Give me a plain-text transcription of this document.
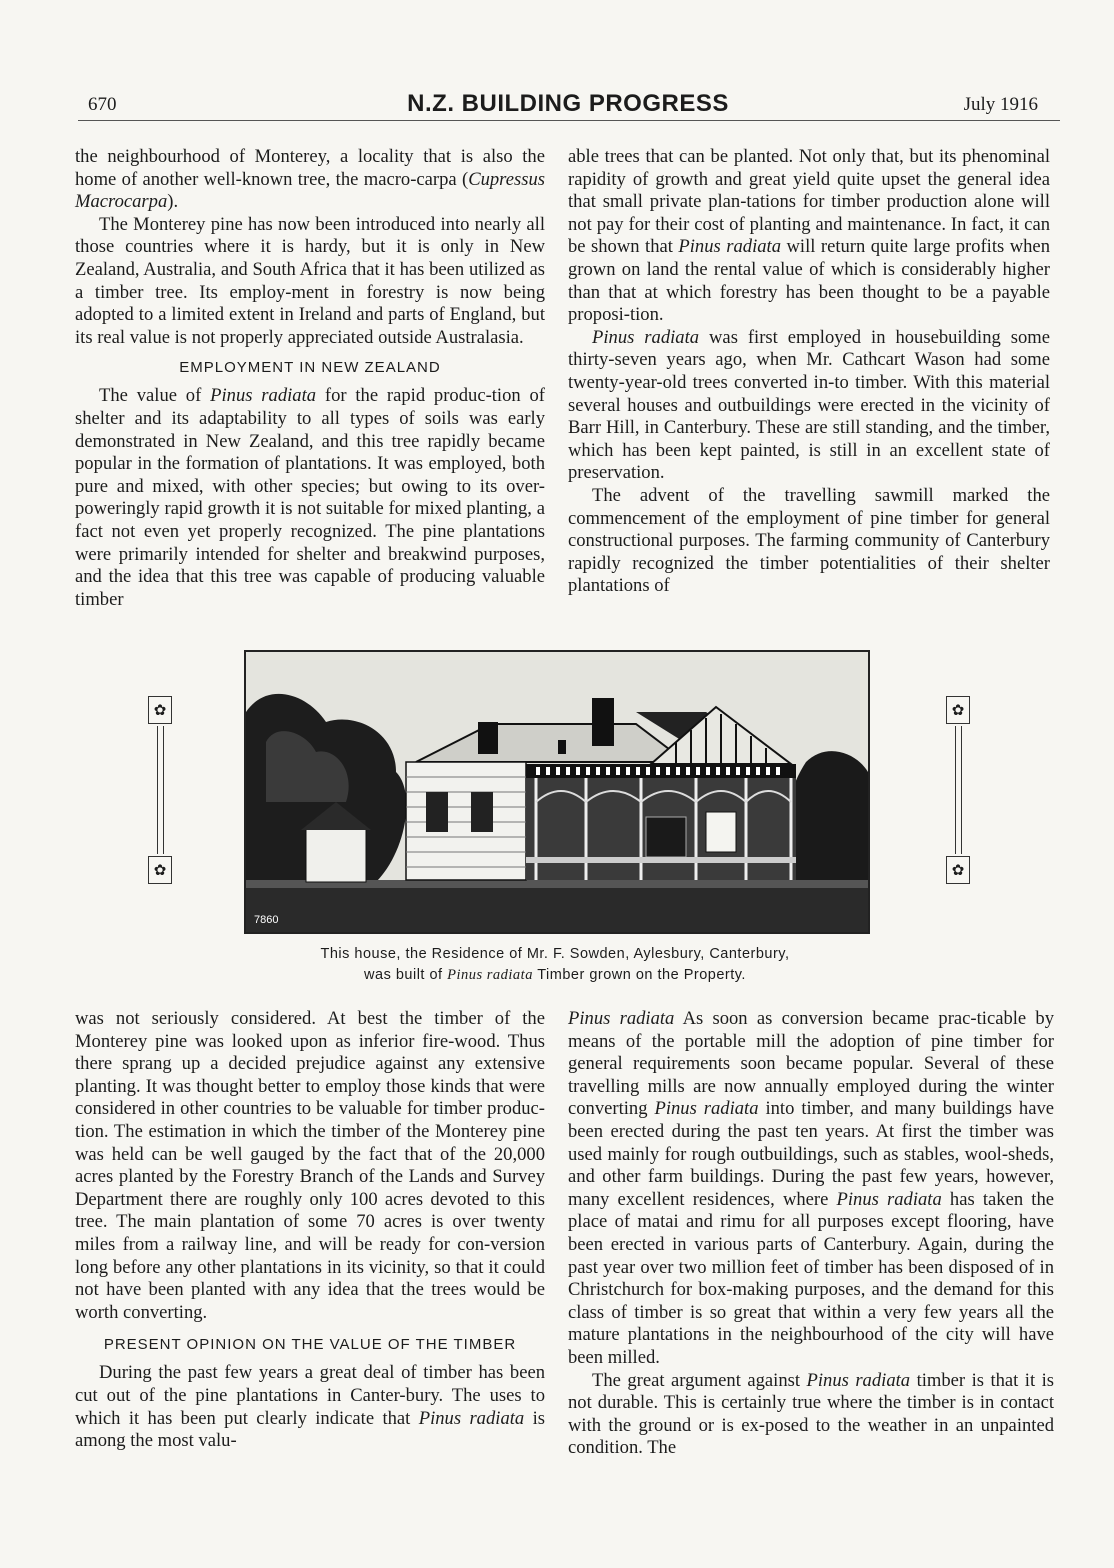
670	N.Z. BUILDING PROGRESS	July 1916

the neighbourhood of Monterey, a locality that is also the home of another well-known tree, the macro-carpa (Cupressus Macrocarpa).

The Monterey pine has now been introduced into nearly all those countries where it is hardy, but it is only in New Zealand, Australia, and South Africa that it has been utilized as a timber tree. Its employ-ment in forestry is now being adopted to a limited extent in Ireland and parts of England, but its real value is not properly appreciated outside Australasia.

EMPLOYMENT IN NEW ZEALAND

The value of Pinus radiata for the rapid produc-tion of shelter and its adaptability to all types of soils was early demonstrated in New Zealand, and this tree rapidly became popular in the formation of plantations. It was employed, both pure and mixed, with other species; but owing to its over-poweringly rapid growth it is not suitable for mixed planting, a fact not even yet properly recognized. The pine plantations were primarily intended for shelter and breakwind purposes, and the idea that this tree was capable of producing valuable timber

able trees that can be planted. Not only that, but its phenominal rapidity of growth and great yield quite upset the general idea that small private plan-tations for timber production alone will not pay for their cost of planting and maintenance. In fact, it can be shown that Pinus radiata will return quite large profits when grown on land the rental value of which is considerably higher than that at which forestry has been thought to be a payable proposi-tion.

Pinus radiata was first employed in housebuilding some thirty-seven years ago, when Mr. Cathcart Wason had some twenty-year-old trees converted in-to timber. With this material several houses and outbuildings were erected in the vicinity of Barr Hill, in Canterbury. These are still standing, and the timber, which has been kept painted, is still in an excellent state of preservation.

The advent of the travelling sawmill marked the commencement of the employment of pine timber for general constructional purposes. The farming community of Canterbury rapidly recognized the timber potentialities of their shelter plantations of

✿
✿
✿
✿
7860
This house, the Residence of Mr. F. Sowden, Aylesbury, Canterbury,
was built of Pinus radiata Timber grown on the Property.

was not seriously considered. At best the timber of the Monterey pine was looked upon as inferior fire-wood. Thus there sprang up a decided prejudice against any extensive planting. It was thought better to employ those kinds that were considered in other countries to be valuable for timber produc-tion. The estimation in which the timber of the Monterey pine was held can be well gauged by the fact that of the 20,000 acres planted by the Forestry Branch of the Lands and Survey Department there are roughly only 100 acres devoted to this tree. The main plantation of some 70 acres is over twenty miles from a railway line, and will be ready for con-version long before any other plantations in its vicinity, so that it could not have been planted with any idea that the trees would be worth converting.

PRESENT OPINION ON THE VALUE OF THE TIMBER

During the past few years a great deal of timber has been cut out of the pine plantations in Canter-bury. The uses to which it has been put clearly indicate that Pinus radiata is among the most valu-

Pinus radiata As soon as conversion became prac-ticable by means of the portable mill the adoption of pine timber for general requirements soon became popular. Several of these travelling mills are now annually employed during the winter converting Pinus radiata into timber, and many buildings have been erected during the past ten years. At first the timber was used mainly for rough outbuildings, such as stables, wool-sheds, and other farm buildings. During the past few years, however, many excellent residences, where Pinus radiata has taken the place of matai and rimu for all purposes except flooring, have been erected in various parts of Canterbury. Again, during the past year over two million feet of timber has been disposed of in Christchurch for box-making purposes, and the demand for this class of timber is so great that within a very few years all the mature plantations in the neighbourhood of the city will have been milled.

The great argument against Pinus radiata timber is that it is not durable. This is certainly true where the timber is in contact with the ground or is ex-posed to the weather in an unpainted condition. The
